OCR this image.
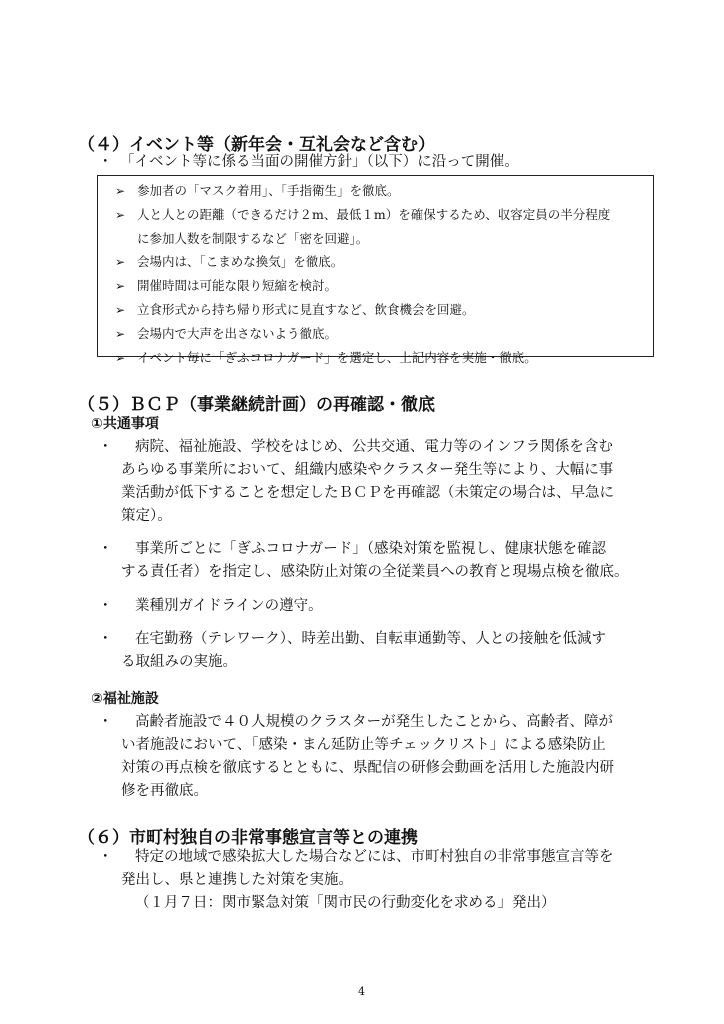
（４）イベント等（新年会・互礼会など含む）
・ 「イベント等に係る当面の開催方針」（以下）に沿って開催。
➢ 参加者の「マスク着用」、「手指衛生」を徹底。
➢ 人と人との距離（できるだけ２m、最低１m）を確保するため、収容定員の半分程度
に参加人数を制限するなど「密を回避」。
➢ 会場内は、「こまめな換気」を徹底。
➢ 開催時間は可能な限り短縮を検討。
➢ 立食形式から持ち帰り形式に見直すなど、飲食機会を回避。
➢ 会場内で大声を出さないよう徹底。
➢ イベント毎に「ぎふコロナガード」を選定し、上記内容を実施・徹底。
（５）ＢＣＰ（事業継続計画）の再確認・徹底
①共通事項
・	病院、福祉施設、学校をはじめ、公共交通、電力等のインフラ関係を含む
あらゆる事業所において、組織内感染やクラスター発生等により、大幅に事
業活動が低下することを想定したＢＣＰを再確認（未策定の場合は、早急に
策定）。
・	事業所ごとに「ぎふコロナガード」（感染対策を監視し、健康状態を確認
する責任者）を指定し、感染防止対策の全従業員への教育と現場点検を徹底。
・ 業種別ガイドラインの遵守。
・	在宅勤務（テレワーク）、時差出勤、自転車通勤等、人との接触を低減す
る取組みの実施。
②福祉施設
・	高齢者施設で４０人規模のクラスターが発生したことから、高齢者、障が
い者施設において、「感染・まん延防止等チェックリスト」による感染防止
対策の再点検を徹底するとともに、県配信の研修会動画を活用した施設内研
修を再徹底。
（６）市町村独自の非常事態宣言等との連携
・	特定の地域で感染拡大した場合などには、市町村独自の非常事態宣言等を
発出し、県と連携した対策を実施。
（１月７日：関市緊急対策「関市民の行動変化を求める」発出）
4
